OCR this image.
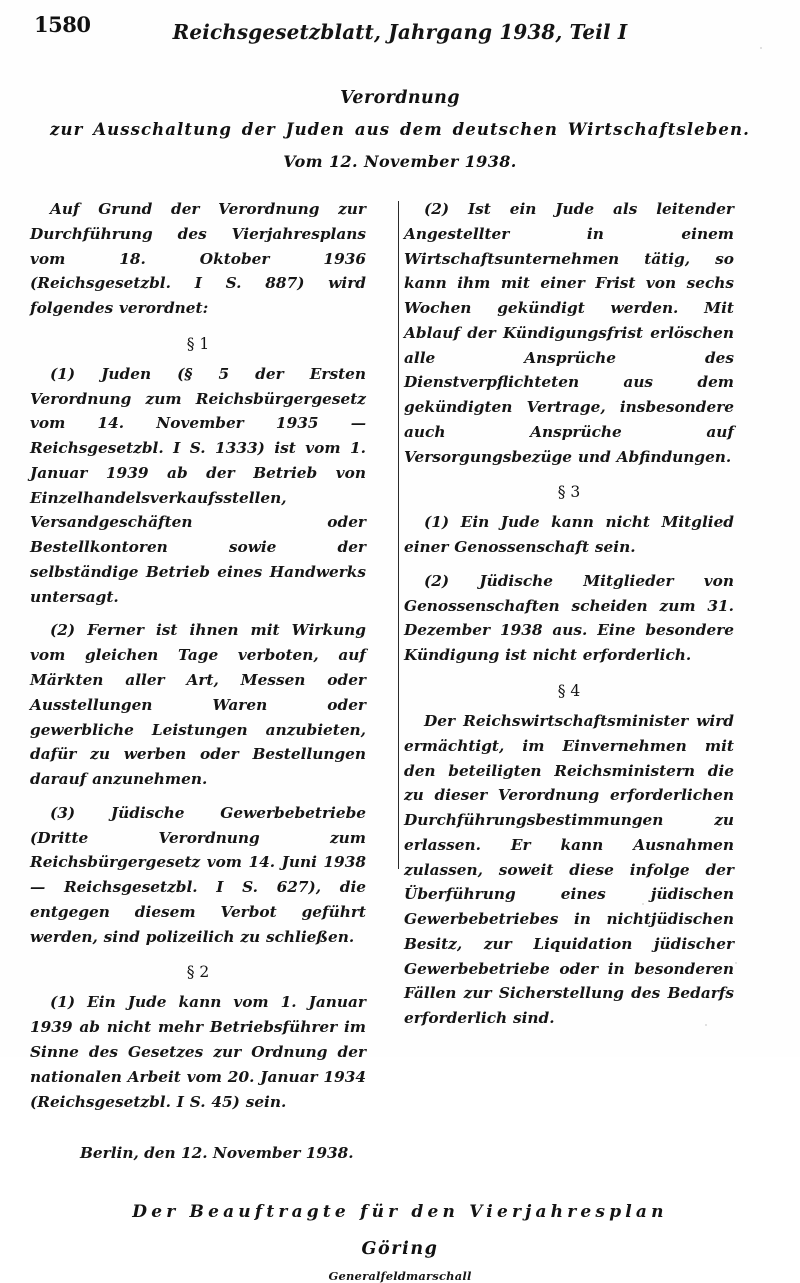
1580	Reichsgesetzblatt, Jahrgang 1938, Teil I
Verordnung
zur Ausschaltung der Juden aus dem deutschen Wirtschaftsleben.
Vom 12. November 1938.

Auf Grund der Verordnung zur Durchführung des Vierjahresplans vom 18. Oktober 1936 (Reichsgesetzbl. I S. 887) wird folgendes verordnet:

§ 1

(1) Juden (§ 5 der Ersten Verordnung zum Reichsbürgergesetz vom 14. November 1935 — Reichsgesetzbl. I S. 1333) ist vom 1. Januar 1939 ab der Betrieb von Einzelhandelsverkaufsstellen, Versandgeschäften oder Bestellkontoren sowie der selbständige Betrieb eines Handwerks untersagt.

(2) Ferner ist ihnen mit Wirkung vom gleichen Tage verboten, auf Märkten aller Art, Messen oder Ausstellungen Waren oder gewerbliche Leistungen anzubieten, dafür zu werben oder Bestellungen darauf anzunehmen.

(3) Jüdische Gewerbebetriebe (Dritte Verordnung zum Reichsbürgergesetz vom 14. Juni 1938 — Reichsgesetzbl. I S. 627), die entgegen diesem Verbot geführt werden, sind polizeilich zu schließen.

§ 2

(1) Ein Jude kann vom 1. Januar 1939 ab nicht mehr Betriebsführer im Sinne des Gesetzes zur Ordnung der nationalen Arbeit vom 20. Januar 1934 (Reichsgesetzbl. I S. 45) sein.

Berlin, den 12. November 1938.

(2) Ist ein Jude als leitender Angestellter in einem Wirtschaftsunternehmen tätig, so kann ihm mit einer Frist von sechs Wochen gekündigt werden. Mit Ablauf der Kündigungsfrist erlöschen alle Ansprüche des Dienstverpflichteten aus dem gekündigten Vertrage, insbesondere auch Ansprüche auf Versorgungsbezüge und Abfindungen.

§ 3

(1) Ein Jude kann nicht Mitglied einer Genossenschaft sein.

(2) Jüdische Mitglieder von Genossenschaften scheiden zum 31. Dezember 1938 aus. Eine besondere Kündigung ist nicht erforderlich.

§ 4

Der Reichswirtschaftsminister wird ermächtigt, im Einvernehmen mit den beteiligten Reichsministern die zu dieser Verordnung erforderlichen Durchführungsbestimmungen zu erlassen. Er kann Ausnahmen zulassen, soweit diese infolge der Überführung eines jüdischen Gewerbebetriebes in nichtjüdischen Besitz, zur Liquidation jüdischer Gewerbebetriebe oder in besonderen Fällen zur Sicherstellung des Bedarfs erforderlich sind.

Der Beauftragte für den Vierjahresplan
Göring
Generalfeldmarschall
